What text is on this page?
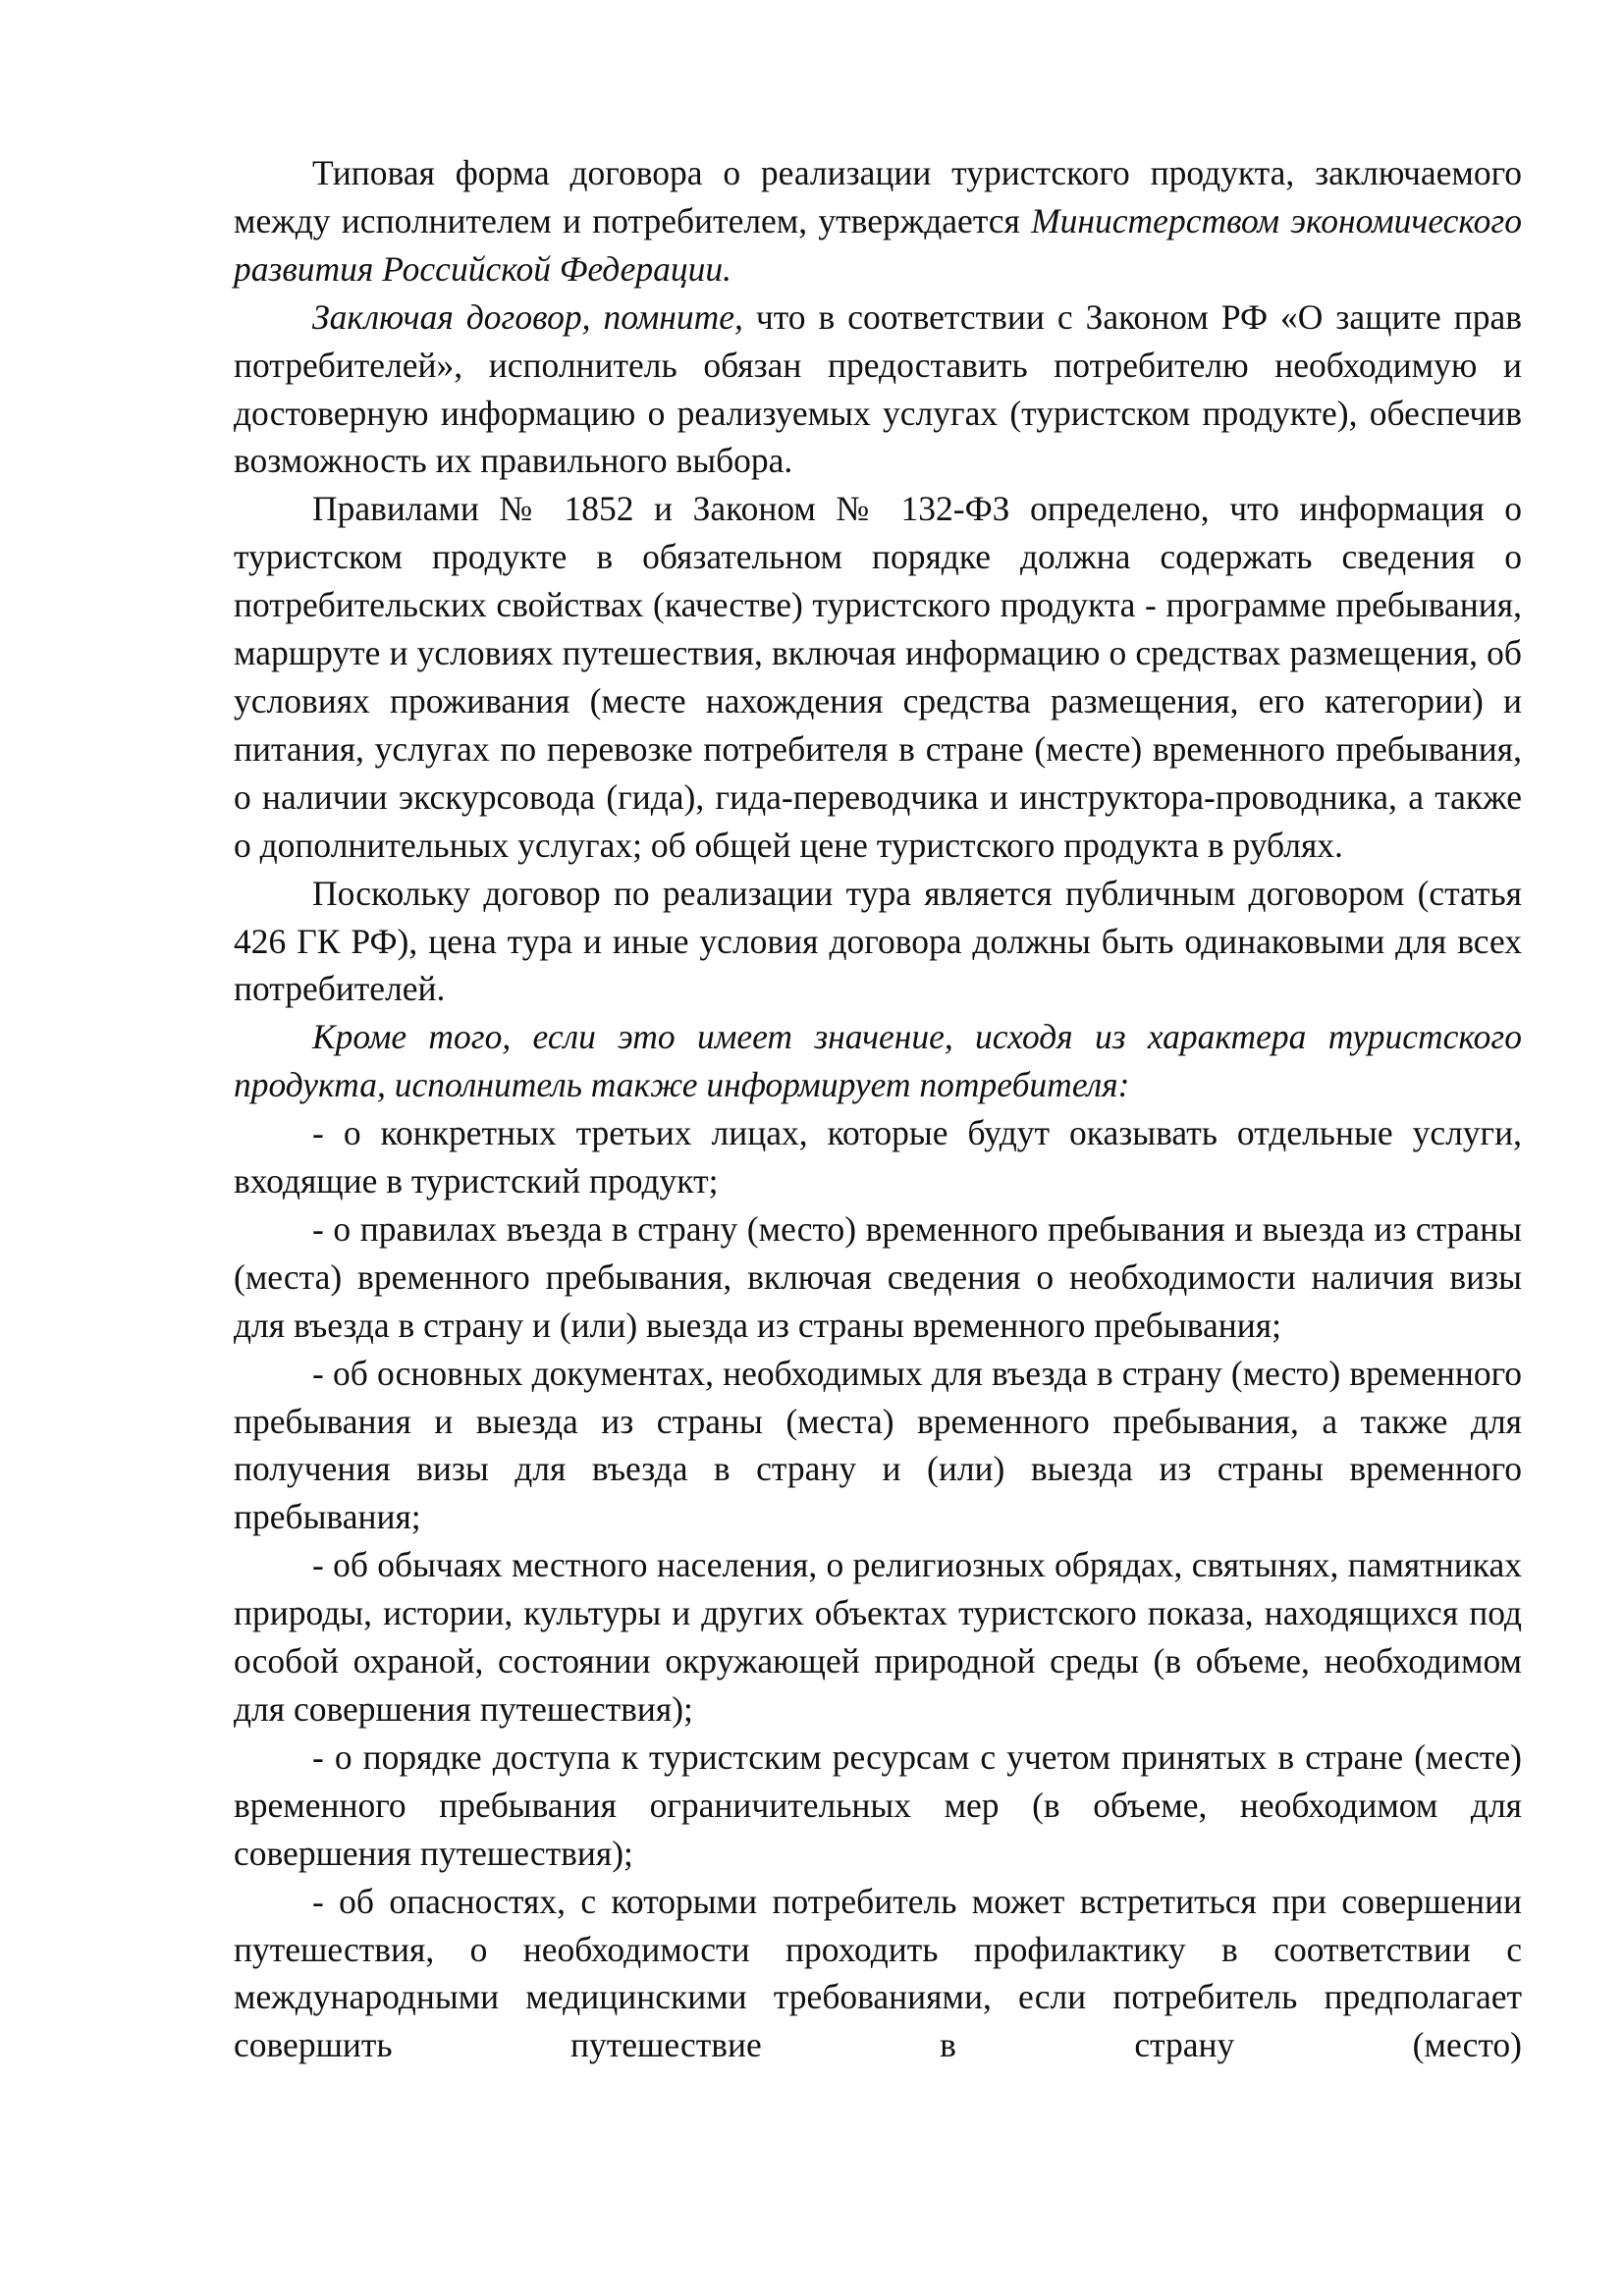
Типовая форма договора о реализации туристского продукта, заключаемого между исполнителем и потребителем, утверждается Министерством экономического развития Российской Федерации.

Заключая договор, помните, что в соответствии с Законом РФ «О защите прав потребителей», исполнитель обязан предоставить потребителю необходимую и достоверную информацию о реализуемых услугах (туристском продукте), обеспечив возможность их правильного выбора.

Правилами № 1852 и Законом № 132-ФЗ определено, что информация о туристском продукте в обязательном порядке должна содержать сведения о потребительских свойствах (качестве) туристского продукта - программе пребывания, маршруте и условиях путешествия, включая информацию о средствах размещения, об условиях проживания (месте нахождения средства размещения, его категории) и питания, услугах по перевозке потребителя в стране (месте) временного пребывания, о наличии экскурсовода (гида), гида-переводчика и инструктора-проводника, а также о дополнительных услугах; об общей цене туристского продукта в рублях.

Поскольку договор по реализации тура является публичным договором (статья 426 ГК РФ), цена тура и иные условия договора должны быть одинаковыми для всех потребителей.

Кроме того, если это имеет значение, исходя из характера туристского продукта, исполнитель также информирует потребителя:

- о конкретных третьих лицах, которые будут оказывать отдельные услуги, входящие в туристский продукт;

- о правилах въезда в страну (место) временного пребывания и выезда из страны (места) временного пребывания, включая сведения о необходимости наличия визы для въезда в страну и (или) выезда из страны временного пребывания;

- об основных документах, необходимых для въезда в страну (место) временного пребывания и выезда из страны (места) временного пребывания, а также для получения визы для въезда в страну и (или) выезда из страны временного пребывания;

- об обычаях местного населения, о религиозных обрядах, святынях, памятниках природы, истории, культуры и других объектах туристского показа, находящихся под особой охраной, состоянии окружающей природной среды (в объеме, необходимом для совершения путешествия);

- о порядке доступа к туристским ресурсам с учетом принятых в стране (месте) временного пребывания ограничительных мер (в объеме, необходимом для совершения путешествия);

- об опасностях, с которыми потребитель может встретиться при совершении путешествия, о необходимости проходить профилактику в соответствии с международными медицинскими требованиями, если потребитель предполагает совершить путешествие в страну (место)
